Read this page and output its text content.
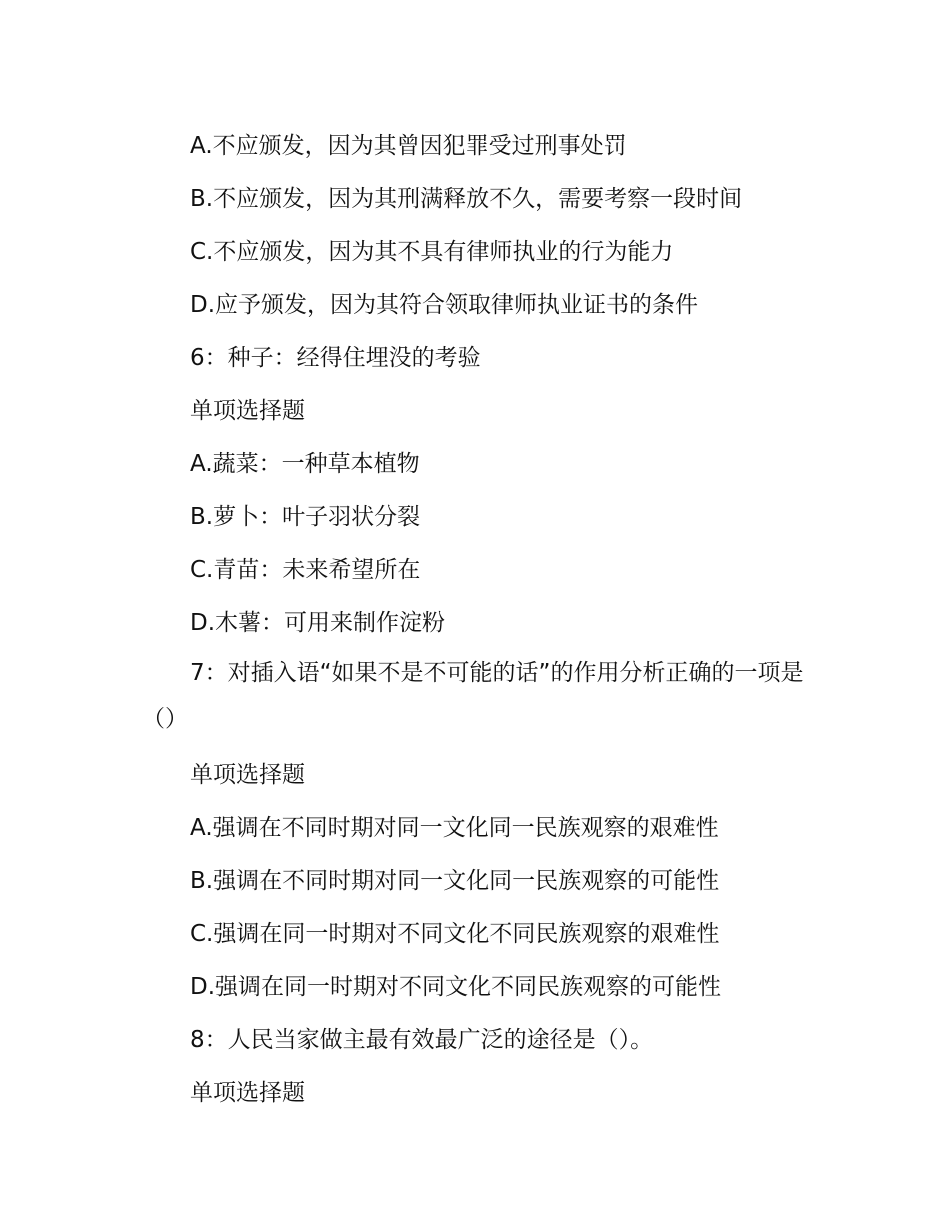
A.不应颁发，因为其曾因犯罪受过刑事处罚

B.不应颁发，因为其刑满释放不久，需要考察一段时间

C.不应颁发，因为其不具有律师执业的行为能力

D.应予颁发，因为其符合领取律师执业证书的条件

6：种子：经得住埋没的考验

单项选择题

A.蔬菜：一种草本植物

B.萝卜：叶子羽状分裂

C.青苗：未来希望所在

D.木薯：可用来制作淀粉

7：对插入语“如果不是不可能的话”的作用分析正确的一项是（）

单项选择题

A.强调在不同时期对同一文化同一民族观察的艰难性

B.强调在不同时期对同一文化同一民族观察的可能性

C.强调在同一时期对不同文化不同民族观察的艰难性

D.强调在同一时期对不同文化不同民族观察的可能性

8：人民当家做主最有效最广泛的途径是（）。

单项选择题
